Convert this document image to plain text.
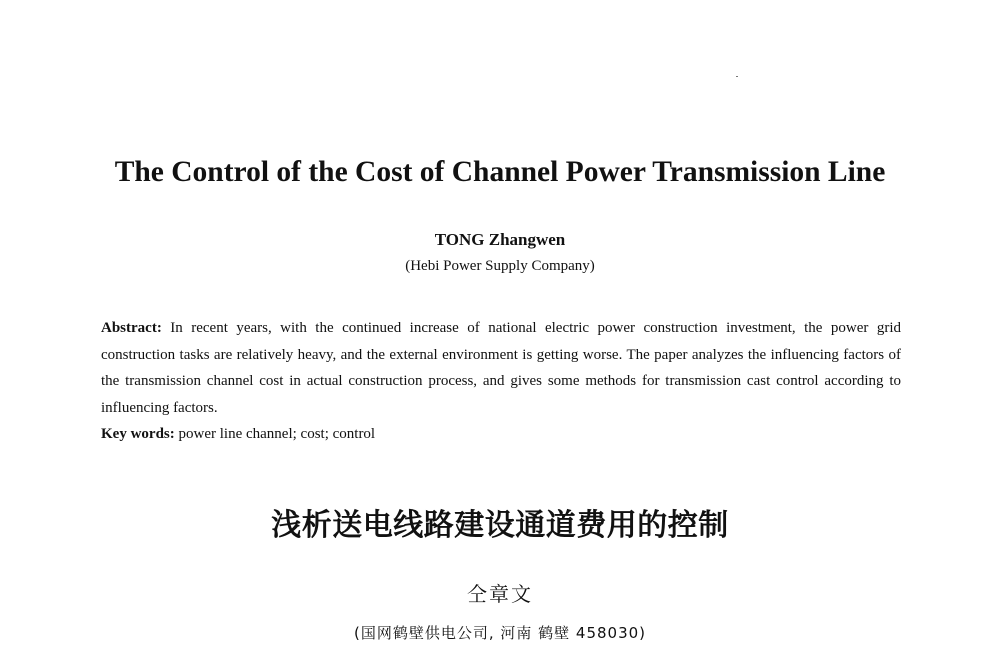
The Control of the Cost of Channel Power Transmission Line
TONG Zhangwen
(Hebi Power Supply Company)
Abstract: In recent years, with the continued increase of national electric power construction investment, the power grid construction tasks are relatively heavy, and the external environment is getting worse. The paper analyzes the influencing factors of the transmission channel cost in actual construction process, and gives some methods for transmission cast control according to influencing factors.
Key words: power line channel; cost; control
浅析送电线路建设通道费用的控制
仝章文
(国网鹤壁供电公司, 河南 鹤壁 458030)
